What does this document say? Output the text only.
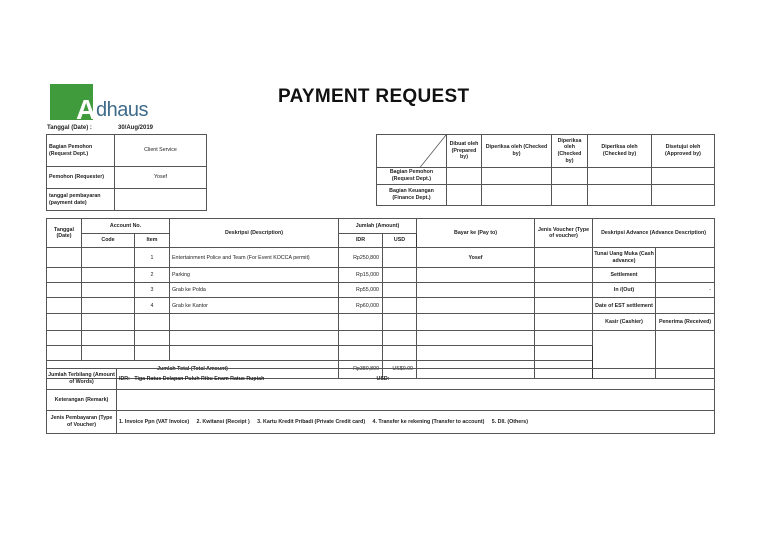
A dhaus
PAYMENT REQUEST
Tanggal (Date) :	30/Aug/2019
Bagian Pemohon (Request Dept.)	Client Service
Pemohon (Requester)	Yosef
tanggal pembayaran (payment date)	
	Dibuat oleh (Prepared by)	Diperiksa oleh (Checked by)	Diperiksa oleh (Checked by)	Diperiksa oleh (Checked by)	Disetujui oleh (Approved by)
Bagian Pemohon (Request Dept.)					
Bagian Keuangan (Finance Dept.)					
Tanggal (Date)	Account No.		Deskripsi (Description)	Jumlah (Amount)		Bayar ke (Pay to)	Jenis Voucher (Type of voucher)	Deskripsi Advance (Advance Description)	
	Code	Item		IDR	USD				
		1	Entertainment Police and Team (For Event KOCCA permit)	Rp250,800		Yosef		Tunai Uang Muka (Cash advance)	
		2	Parking	Rp15,000				Settlement	
		3	Grab ke Polda	Rp55,000				In /(Out)	-
		4	Grab ke Kantor	Rp60,000				Date of EST settlement	
								Kasir (Cashier)	Penerima (Received)

Jumlah Total (Total Amount)				Rp380,800	US$0.00				
Jumlah Terbilang (Amount of Words)	IDR: Tiga Ratus Delapan Puluh Ribu Enam Ratus Rupiah USD:

Keterangan (Remark)	
Jenis Pembayaran (Type of Voucher)	1. Invoice Ppn (VAT Invoice) 2. Kwitansi (Receipt ) 3. Kartu Kredit Pribadi (Private Credit card) 4. Transfer ke rekening (Transfer to account) 5. Dll. (Others)
